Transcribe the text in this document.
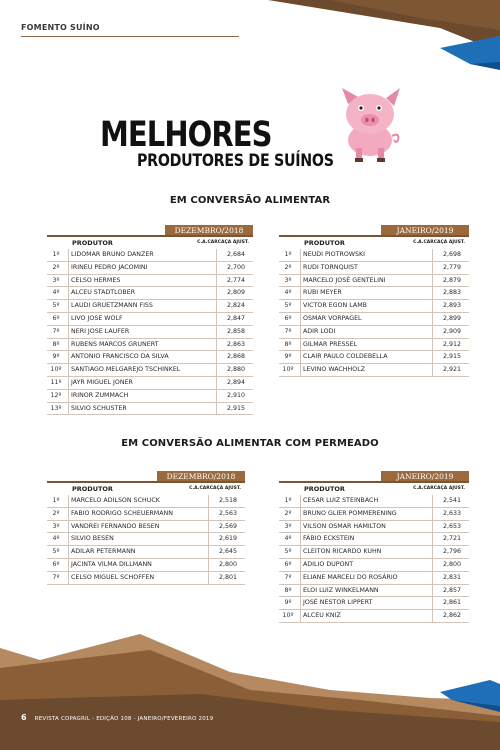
FOMENTO SUÍNO
MELHORES
PRODUTORES DE SUÍNOS
EM CONVERSÃO ALIMENTAR
EM CONVERSÃO ALIMENTAR COM PERMEADO
DEZEMBRO/2018
PRODUTOR	C.A.CARCAÇA AJUST.
1º	LIDOMAR BRUNO DANZER	2,684
2º	IRINEU PEDRO JACOMINI	2,700
3º	CELSO HERMES	2,774
4º	ALCEU STADTLOBER	2,809
5º	LAUDI GRUETZMANN FISS	2,824
6º	LIVO JOSE WOLF	2,847
7º	NERI JOSE LAUFER	2,858
8º	RUBENS MARCOS GRUNERT	2,863
9º	ANTONIO FRANCISCO DA SILVA	2,868
10º	SANTIAGO MELGAREJO TSCHINKEL	2,880
11º	JAYR MIGUEL JONER	2,894
12º	IRINOR ZUMMACH	2,910
13º	SILVIO SCHUSTER	2,915
JANEIRO/2019
PRODUTOR	C.A.CARCAÇA AJUST.
1º	NEUDI PIOTROWSKI	2,698
2º	RUDI TORNQUIST	2,779
3º	MARCELO JOSÉ GENTELINI	2,879
4º	RUBI MEYER	2,883
5º	VICTOR EGON LAMB	2,893
6º	OSMAR VORPAGEL	2,899
7º	ADIR LODI	2,909
8º	GILMAR PRESSEL	2,912
9º	CLAIR PAULO COLDEBELLA	2,915
10º	LEVINO WACHHOLZ	2,921
DEZEMBRO/2018
PRODUTOR	C.A.CARCAÇA AJUST.
1º	MARCELO ADILSON SCHUCK	2,518
2º	FABIO RODRIGO SCHEUERMANN	2,563
3º	VANDREI FERNANDO BESEN	2,569
4º	SILVIO BESEN	2,619
5º	ADILAR PETERMANN	2,645
6º	JACINTA VILMA DILLMANN	2,800
7º	CELSO MIGUEL SCHOFFEN	2,801
JANEIRO/2019
PRODUTOR	C.A.CARCAÇA AJUST.
1º	CESAR LUIZ STEINBACH	2,541
2º	BRUNO GLIER POMMERENING	2,633
3º	VILSON OSMAR HAMILTON	2,653
4º	FÁBIO ECKSTEIN	2,721
5º	CLEITON RICARDO KUHN	2,796
6º	ADILIO DUPONT	2,800
7º	ELIANE MARCELI DO ROSÁRIO	2,831
8º	ELOI LUIZ WINKELMANN	2,857
9º	JOSÉ NESTOR LIPPERT	2,861
10º	ALCEU KNIZ	2,862
6 REVISTA COPAGRIL - EDIÇÃO 108 - JANEIRO/FEVEREIRO 2019
